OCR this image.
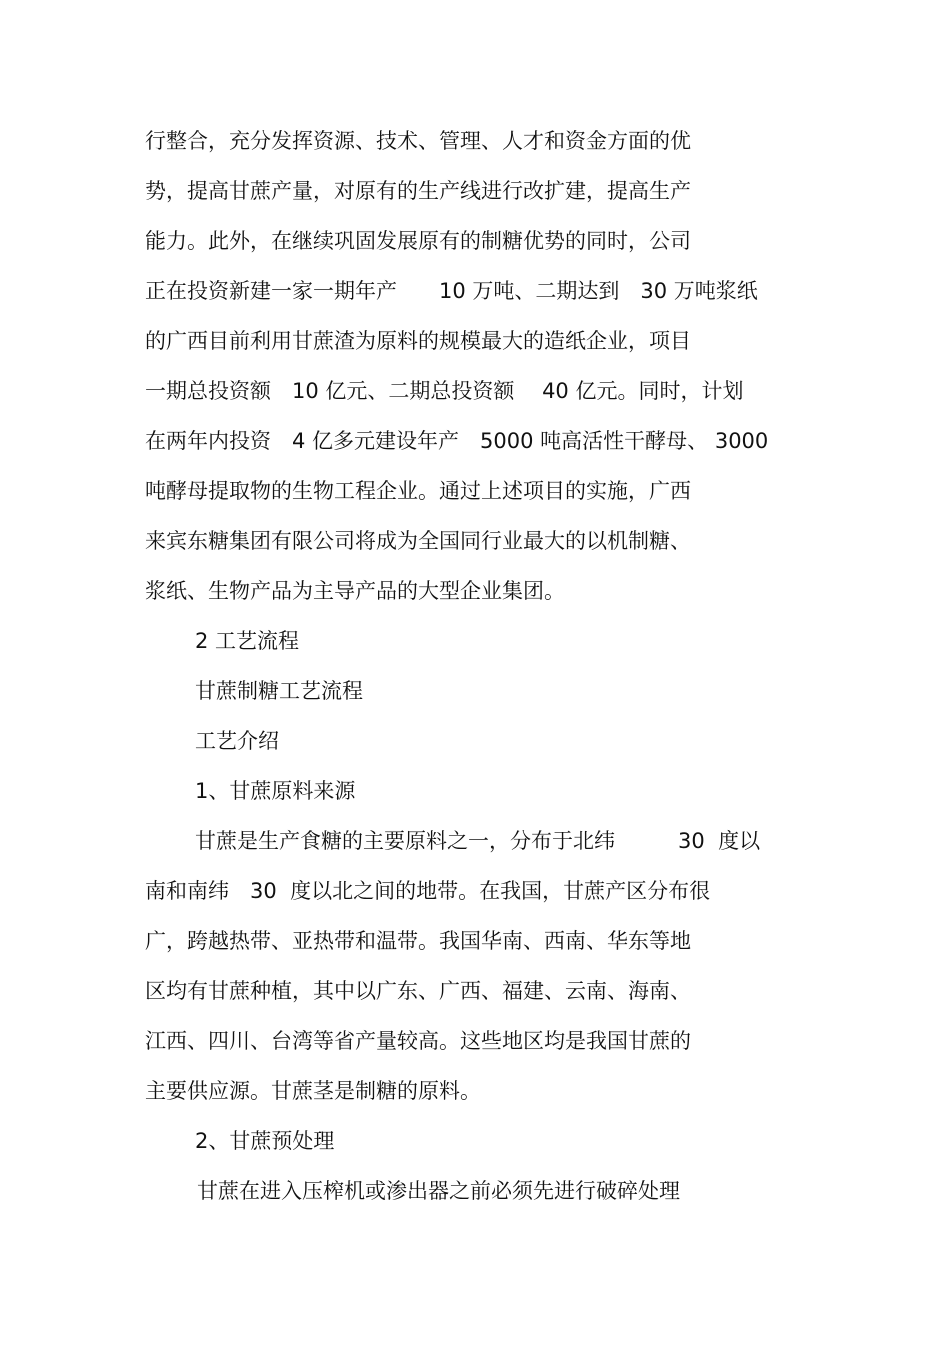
行整合，充分发挥资源、技术、管理、人才和资金方面的优
势，提高甘蔗产量，对原有的生产线进行改扩建，提高生产
能力。此外，在继续巩固发展原有的制糖优势的同时，公司
正在投资新建一家一期年产　　10 万吨、二期达到　30 万吨浆纸
的广西目前利用甘蔗渣为原料的规模最大的造纸企业，项目
一期总投资额　10 亿元、二期总投资额　 40 亿元。同时，计划
在两年内投资　4 亿多元建设年产　5000 吨高活性干酵母、 3000
吨酵母提取物的生物工程企业。通过上述项目的实施，广西
来宾东糖集团有限公司将成为全国同行业最大的以机制糖、
浆纸、生物产品为主导产品的大型企业集团。
2 工艺流程
甘蔗制糖工艺流程
工艺介绍
1、甘蔗原料来源
甘蔗是生产食糖的主要原料之一，分布于北纬　　　30  度以
南和南纬　30  度以北之间的地带。在我国，甘蔗产区分布很
广，跨越热带、亚热带和温带。我国华南、西南、华东等地
区均有甘蔗种植，其中以广东、广西、福建、云南、海南、
江西、四川、台湾等省产量较高。这些地区均是我国甘蔗的
主要供应源。甘蔗茎是制糖的原料。
2、甘蔗预处理
甘蔗在进入压榨机或渗出器之前必须先进行破碎处理
